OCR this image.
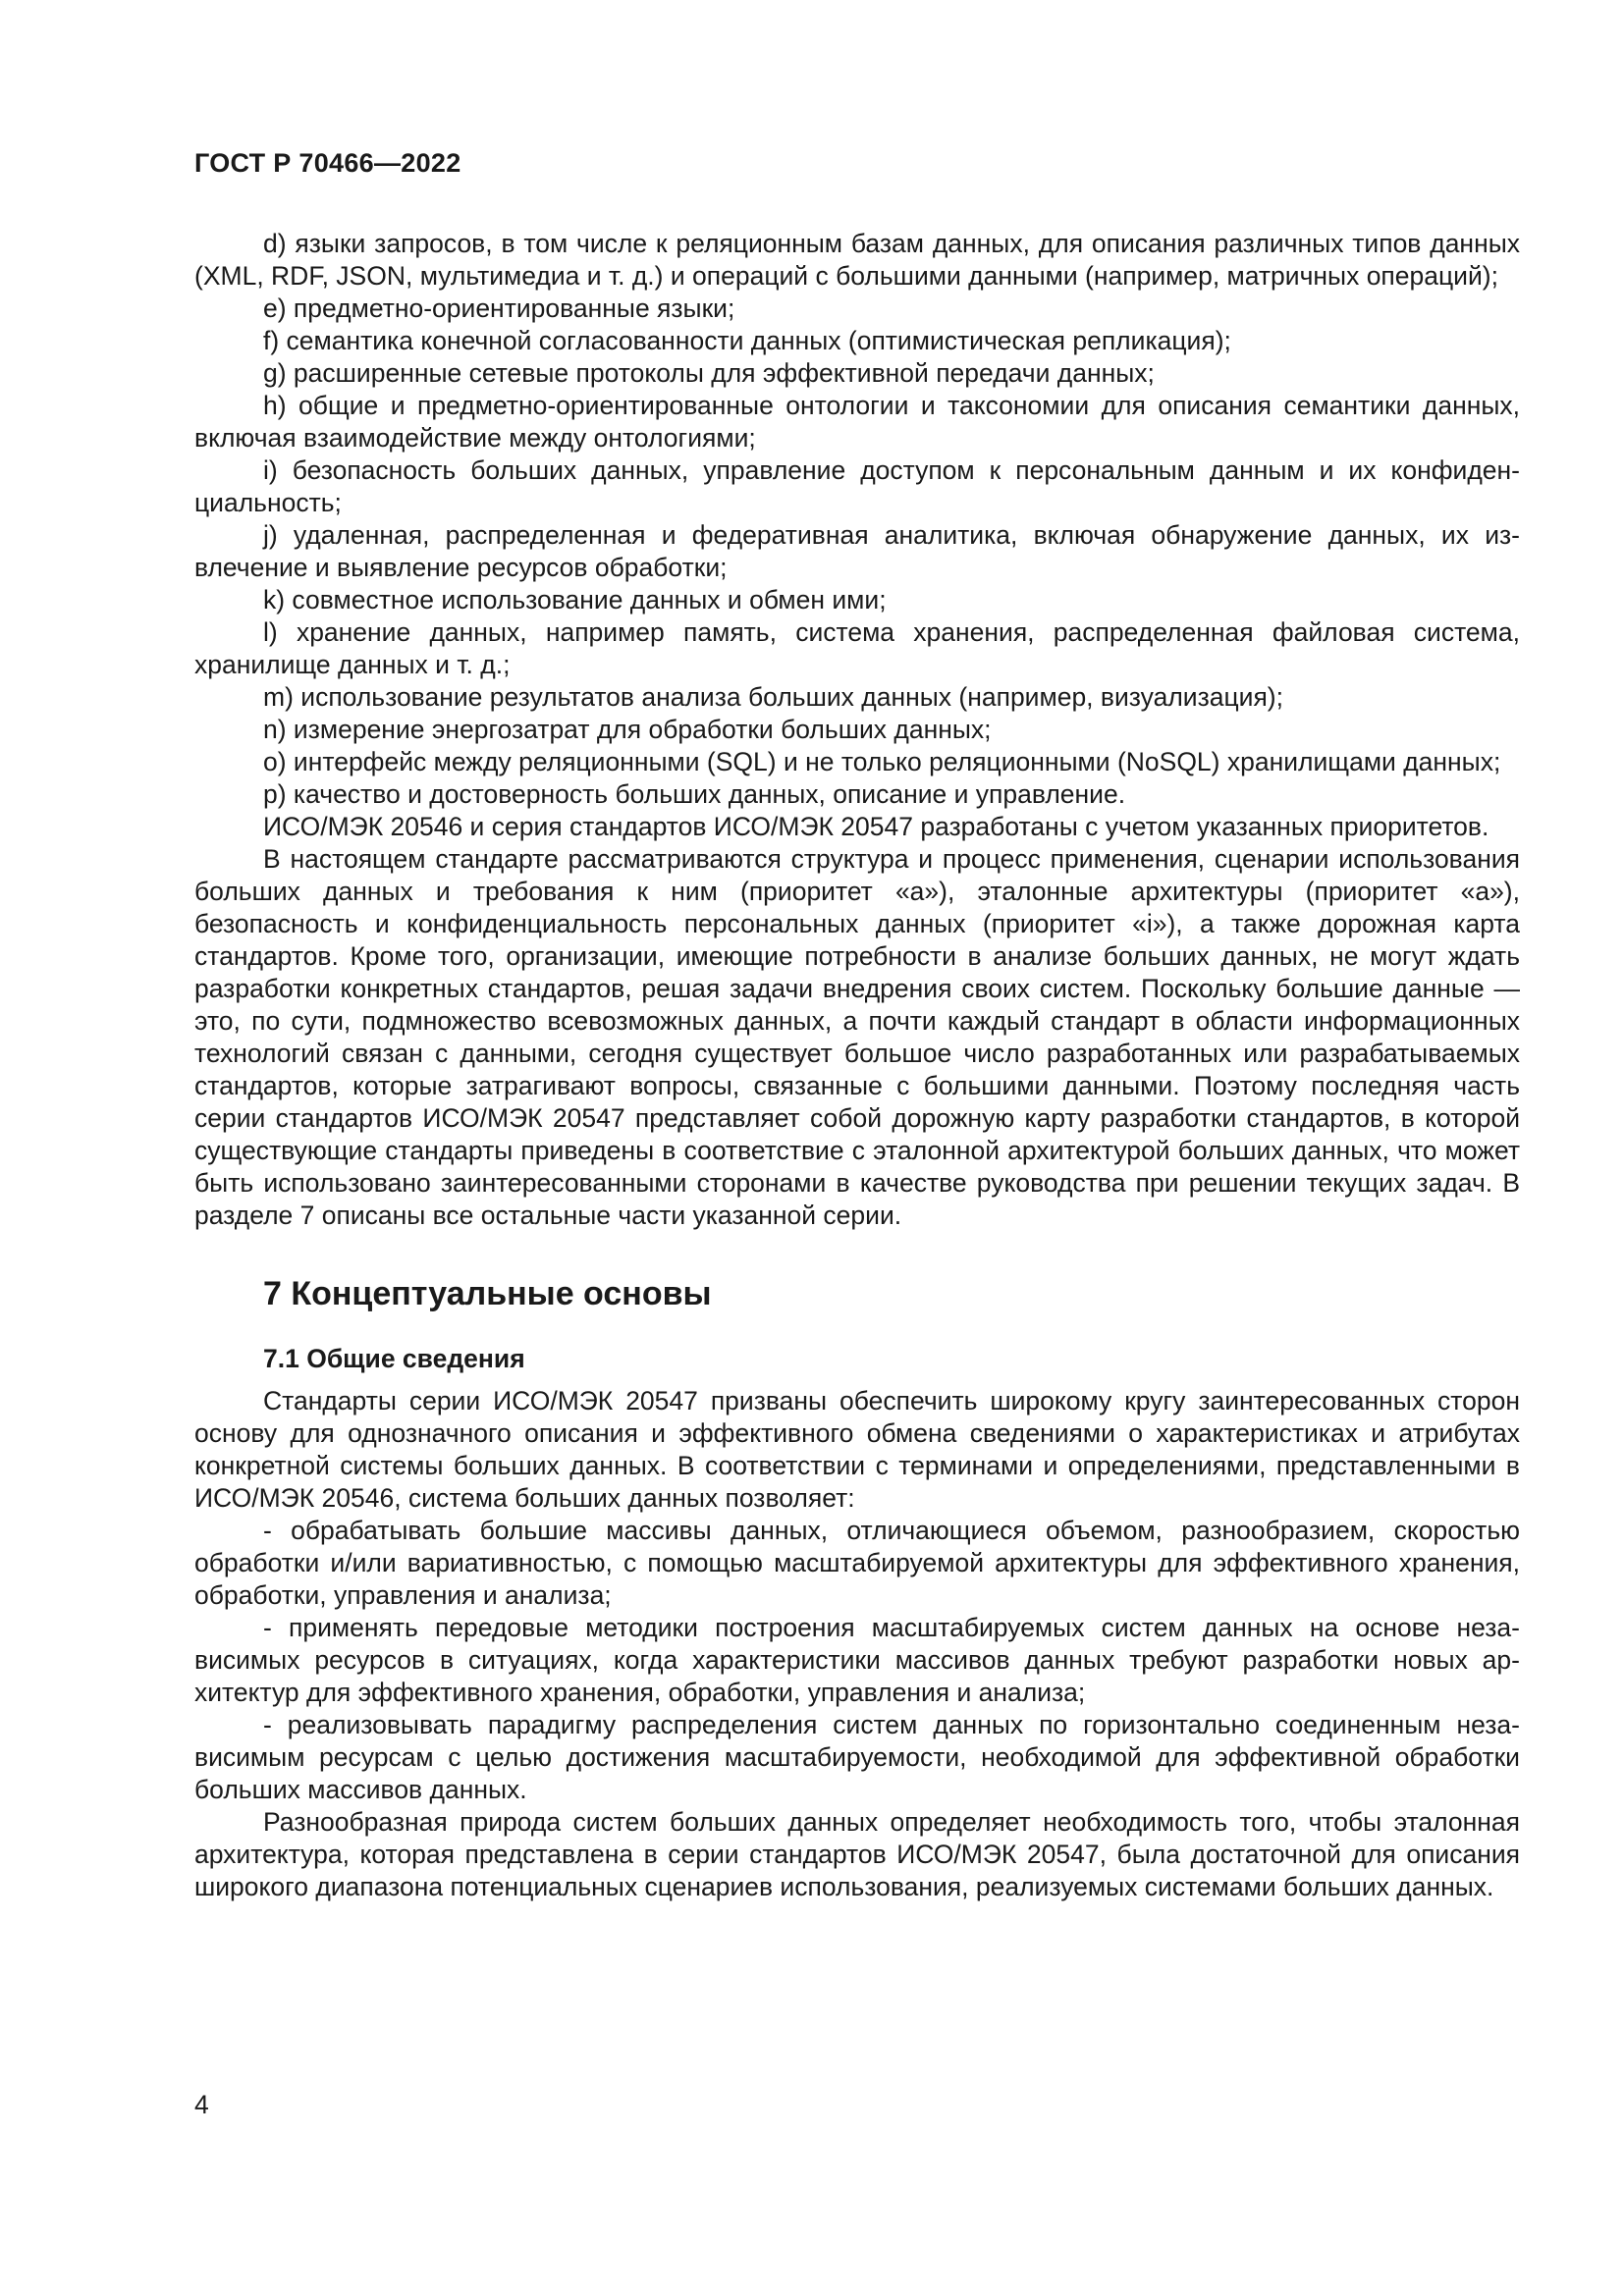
ГОСТ Р 70466—2022

d) языки запросов, в том числе к реляционным базам данных, для описания различных типов данных (XML, RDF, JSON, мультимедиа и т. д.) и операций с большими данными (например, матричных операций);

е) предметно-ориентированные языки;

f) семантика конечной согласованности данных (оптимистическая репликация);

g) расширенные сетевые протоколы для эффективной передачи данных;

h) общие и предметно-ориентированные онтологии и таксономии для описания семантики данных, включая взаимодействие между онтологиями;

i) безопасность больших данных, управление доступом к персональным данным и их конфиденциальность;

j) удаленная, распределенная и федеративная аналитика, включая обнаружение данных, их извлечение и выявление ресурсов обработки;

k) совместное использование данных и обмен ими;

l) хранение данных, например память, система хранения, распределенная файловая система, хранилище данных и т. д.;

m) использование результатов анализа больших данных (например, визуализация);

n) измерение энергозатрат для обработки больших данных;

о) интерфейс между реляционными (SQL) и не только реляционными (NoSQL) хранилищами данных;

р) качество и достоверность больших данных, описание и управление.

ИСО/МЭК 20546 и серия стандартов ИСО/МЭК 20547 разработаны с учетом указанных приоритетов.

В настоящем стандарте рассматриваются структура и процесс применения, сценарии использования больших данных и требования к ним (приоритет «а»), эталонные архитектуры (приоритет «а»), безопасность и конфиденциальность персональных данных (приоритет «i»), а также дорожная карта стандартов. Кроме того, организации, имеющие потребности в анализе больших данных, не могут ждать разработки конкретных стандартов, решая задачи внедрения своих систем. Поскольку большие данные — это, по сути, подмножество всевозможных данных, а почти каждый стандарт в области информационных технологий связан с данными, сегодня существует большое число разработанных или разрабатываемых стандартов, которые затрагивают вопросы, связанные с большими данными. Поэтому последняя часть серии стандартов ИСО/МЭК 20547 представляет собой дорожную карту разработки стандартов, в которой существующие стандарты приведены в соответствие с эталонной архитектурой больших данных, что может быть использовано заинтересованными сторонами в качестве руководства при решении текущих задач. В разделе 7 описаны все остальные части указанной серии.

7 Концептуальные основы
7.1 Общие сведения

Стандарты серии ИСО/МЭК 20547 призваны обеспечить широкому кругу заинтересованных сторон основу для однозначного описания и эффективного обмена сведениями о характеристиках и атрибутах конкретной системы больших данных. В соответствии с терминами и определениями, представленными в ИСО/МЭК 20546, система больших данных позволяет:

- обрабатывать большие массивы данных, отличающиеся объемом, разнообразием, скоростью обработки и/или вариативностью, с помощью масштабируемой архитектуры для эффективного хранения, обработки, управления и анализа;

- применять передовые методики построения масштабируемых систем данных на основе независимых ресурсов в ситуациях, когда характеристики массивов данных требуют разработки новых архитектур для эффективного хранения, обработки, управления и анализа;

- реализовывать парадигму распределения систем данных по горизонтально соединенным независимым ресурсам с целью достижения масштабируемости, необходимой для эффективной обработки больших массивов данных.

Разнообразная природа систем больших данных определяет необходимость того, чтобы эталонная архитектура, которая представлена в серии стандартов ИСО/МЭК 20547, была достаточной для описания широкого диапазона потенциальных сценариев использования, реализуемых системами больших данных.

4
